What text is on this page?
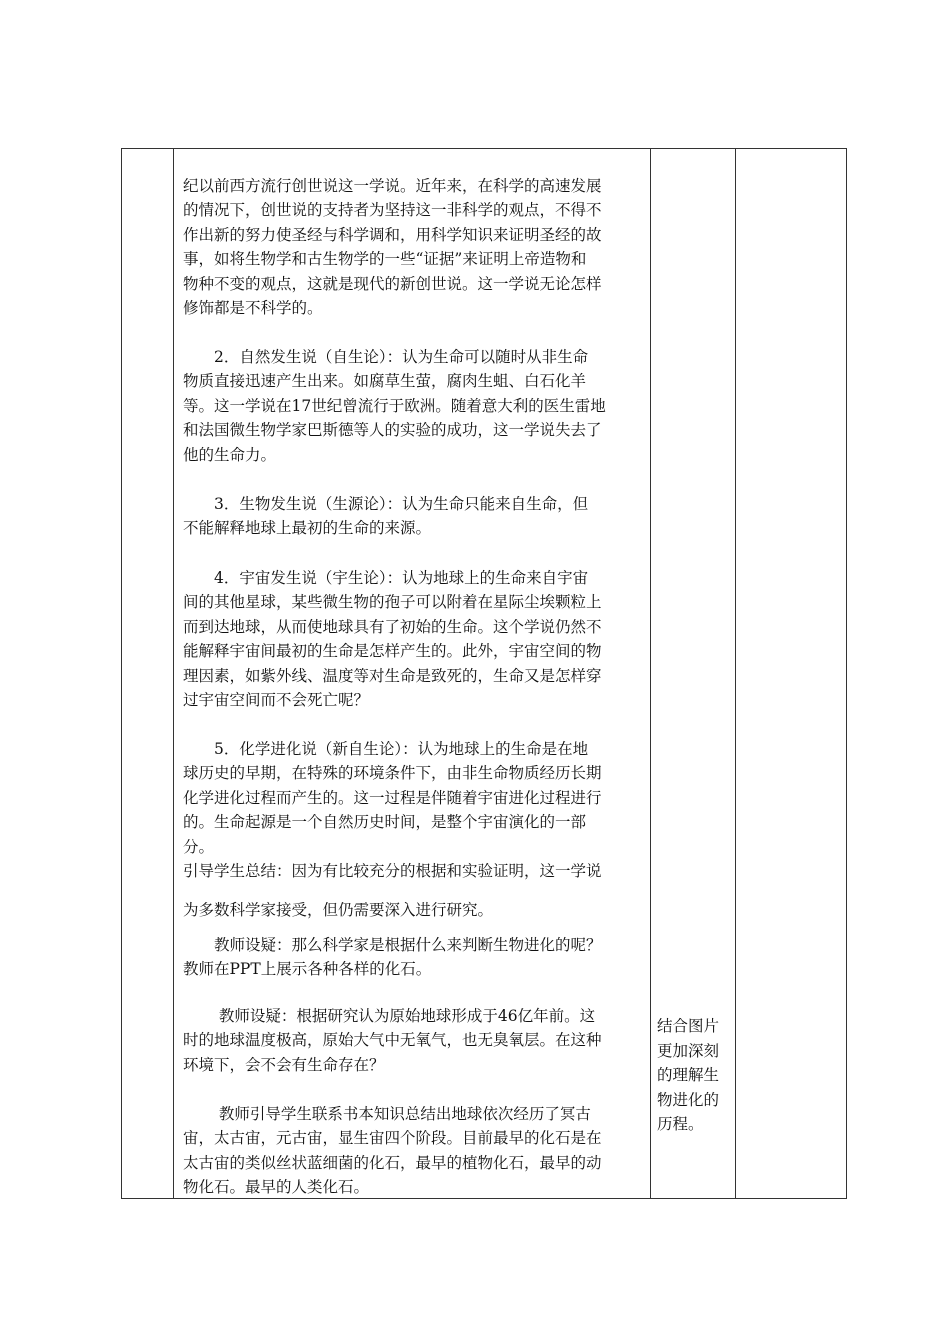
纪以前西方流行创世说这一学说。近年来，在科学的高速发展

的情况下，创世说的支持者为坚持这一非科学的观点，不得不

作出新的努力使圣经与科学调和，用科学知识来证明圣经的故

事，如将生物学和古生物学的一些“证据”来证明上帝造物和

物种不变的观点，这就是现代的新创世说。这一学说无论怎样

修饰都是不科学的。

　　2．自然发生说（自生论）：认为生命可以随时从非生命

物质直接迅速产生出来。如腐草生萤，腐肉生蛆、白石化羊

等。这一学说在17世纪曾流行于欧洲。随着意大利的医生雷地

和法国微生物学家巴斯德等人的实验的成功，这一学说失去了

他的生命力。

　　3．生物发生说（生源论）：认为生命只能来自生命，但

不能解释地球上最初的生命的来源。

　　4．宇宙发生说（宇生论）：认为地球上的生命来自宇宙

间的其他星球，某些微生物的孢子可以附着在星际尘埃颗粒上

而到达地球，从而使地球具有了初始的生命。这个学说仍然不

能解释宇宙间最初的生命是怎样产生的。此外，宇宙空间的物

理因素，如紫外线、温度等对生命是致死的，生命又是怎样穿

过宇宙空间而不会死亡呢？

　　5．化学进化说（新自生论）：认为地球上的生命是在地

球历史的早期，在特殊的环境条件下，由非生命物质经历长期

化学进化过程而产生的。这一过程是伴随着宇宙进化过程进行

的。生命起源是一个自然历史时间，是整个宇宙演化的一部

分。

引导学生总结：因为有比较充分的根据和实验证明，这一学说

为多数科学家接受，但仍需要深入进行研究。

　　教师设疑：那么科学家是根据什么来判断生物进化的呢？

教师在PPT上展示各种各样的化石。

　　 教师设疑：根据研究认为原始地球形成于46亿年前。这

时的地球温度极高，原始大气中无氧气，也无臭氧层。在这种

环境下，会不会有生命存在？

　　 教师引导学生联系书本知识总结出地球依次经历了冥古

宙，太古宙，元古宙，显生宙四个阶段。目前最早的化石是在

太古宙的类似丝状蓝细菌的化石，最早的植物化石，最早的动

物化石。最早的人类化石。

结合图片

更加深刻

的理解生

物进化的

历程。
